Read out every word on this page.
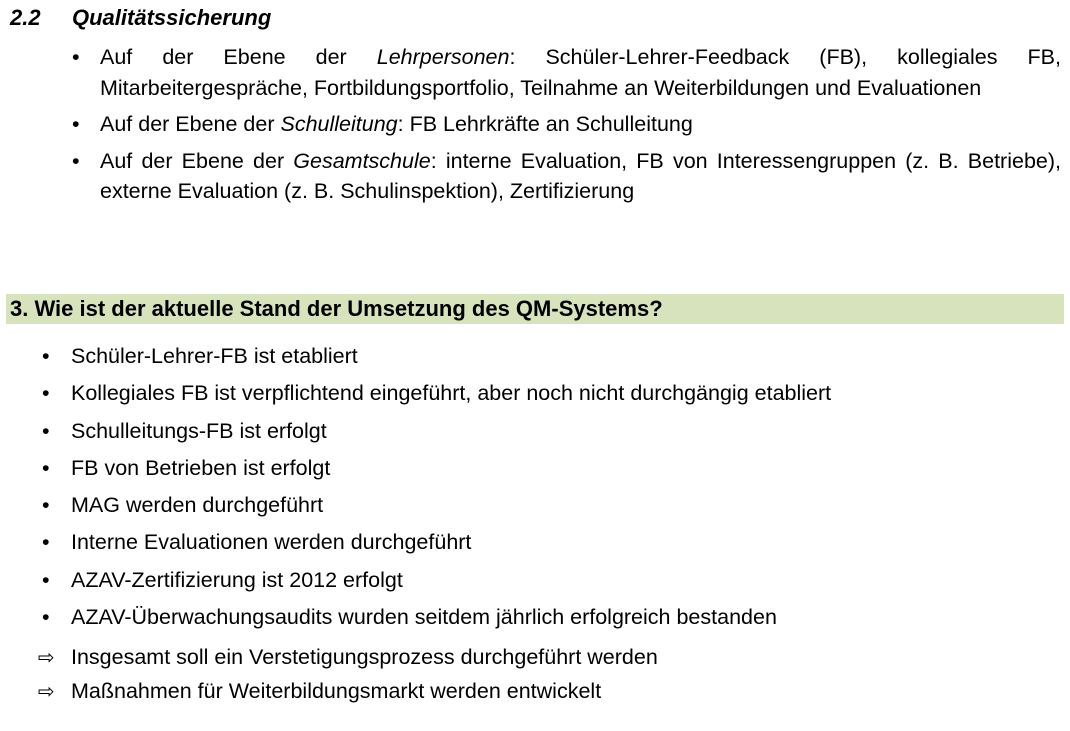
2.2 Qualitätssicherung
• Auf der Ebene der Lehrpersonen: Schüler-Lehrer-Feedback (FB), kollegiales FB, Mitarbeitergespräche, Fortbildungsportfolio, Teilnahme an Weiterbildungen und Evaluationen
• Auf der Ebene der Schulleitung: FB Lehrkräfte an Schulleitung
• Auf der Ebene der Gesamtschule: interne Evaluation, FB von Interessengruppen (z. B. Betriebe), externe Evaluation (z. B. Schulinspektion), Zertifizierung
3. Wie ist der aktuelle Stand der Umsetzung des QM-Systems?
• Schüler-Lehrer-FB ist etabliert
• Kollegiales FB ist verpflichtend eingeführt, aber noch nicht durchgängig etabliert
• Schulleitungs-FB ist erfolgt
• FB von Betrieben ist erfolgt
• MAG werden durchgeführt
• Interne Evaluationen werden durchgeführt
• AZAV-Zertifizierung ist 2012 erfolgt
• AZAV-Überwachungsaudits wurden seitdem jährlich erfolgreich bestanden
⇨ Insgesamt soll ein Verstetigungsprozess durchgeführt werden
⇨ Maßnahmen für Weiterbildungsmarkt werden entwickelt
